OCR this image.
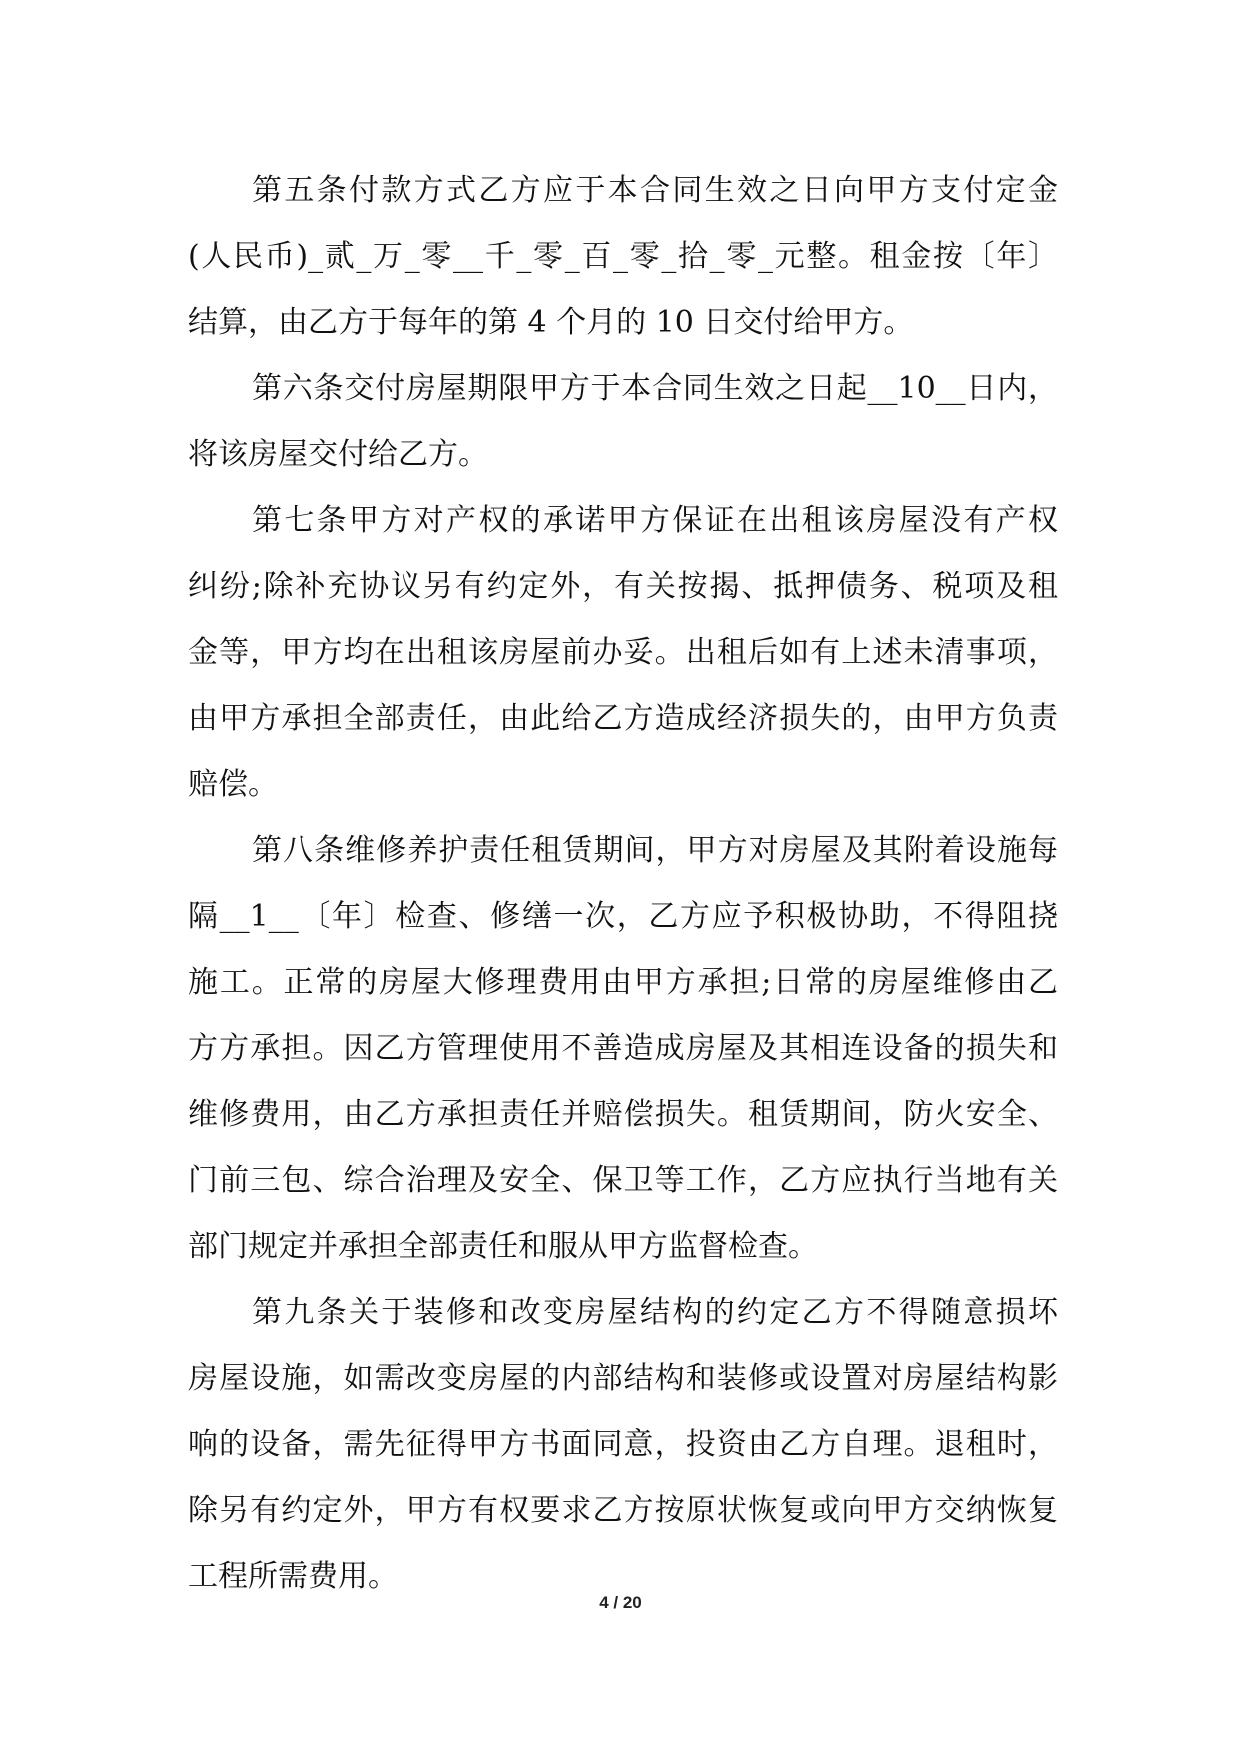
第五条付款方式乙方应于本合同生效之日向甲方支付定金
(人民币)_贰_万_零__千_零_百_零_拾_零_元整。租金按〔年〕
结算，由乙方于每年的第 4 个月的 10 日交付给甲方。
第六条交付房屋期限甲方于本合同生效之日起__10__日内，
将该房屋交付给乙方。
第七条甲方对产权的承诺甲方保证在出租该房屋没有产权
纠纷;除补充协议另有约定外，有关按揭、抵押债务、税项及租
金等，甲方均在出租该房屋前办妥。出租后如有上述未清事项，
由甲方承担全部责任，由此给乙方造成经济损失的，由甲方负责
赔偿。
第八条维修养护责任租赁期间，甲方对房屋及其附着设施每
隔__1__〔年〕检查、修缮一次，乙方应予积极协助，不得阻挠
施工。正常的房屋大修理费用由甲方承担;日常的房屋维修由乙
方方承担。因乙方管理使用不善造成房屋及其相连设备的损失和
维修费用，由乙方承担责任并赔偿损失。租赁期间，防火安全、
门前三包、综合治理及安全、保卫等工作，乙方应执行当地有关
部门规定并承担全部责任和服从甲方监督检查。
第九条关于装修和改变房屋结构的约定乙方不得随意损坏
房屋设施，如需改变房屋的内部结构和装修或设置对房屋结构影
响的设备，需先征得甲方书面同意，投资由乙方自理。退租时，
除另有约定外，甲方有权要求乙方按原状恢复或向甲方交纳恢复
工程所需费用。
4 / 20
